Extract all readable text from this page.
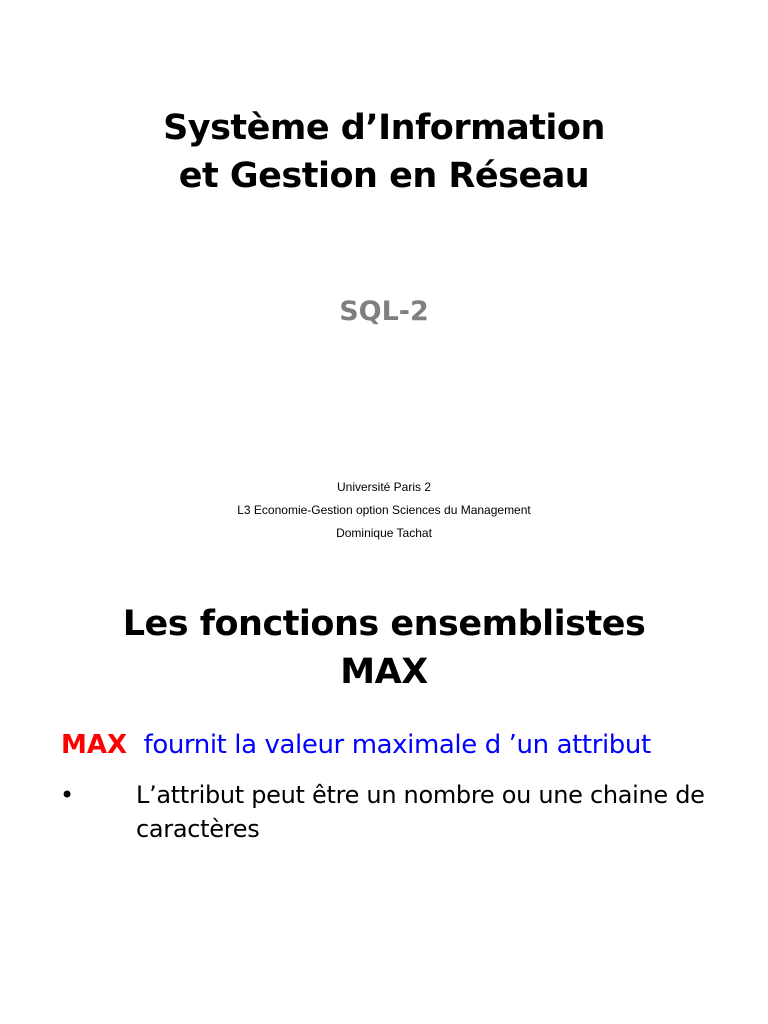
Système d’Information
et Gestion en Réseau
SQL-2
Université Paris 2
L3 Economie-Gestion option Sciences du Management
Dominique Tachat
Les fonctions ensemblistes
MAX
MAX fournit la valeur maximale d ’un attribut
•	L’attribut peut être un nombre ou une chaine de caractères
